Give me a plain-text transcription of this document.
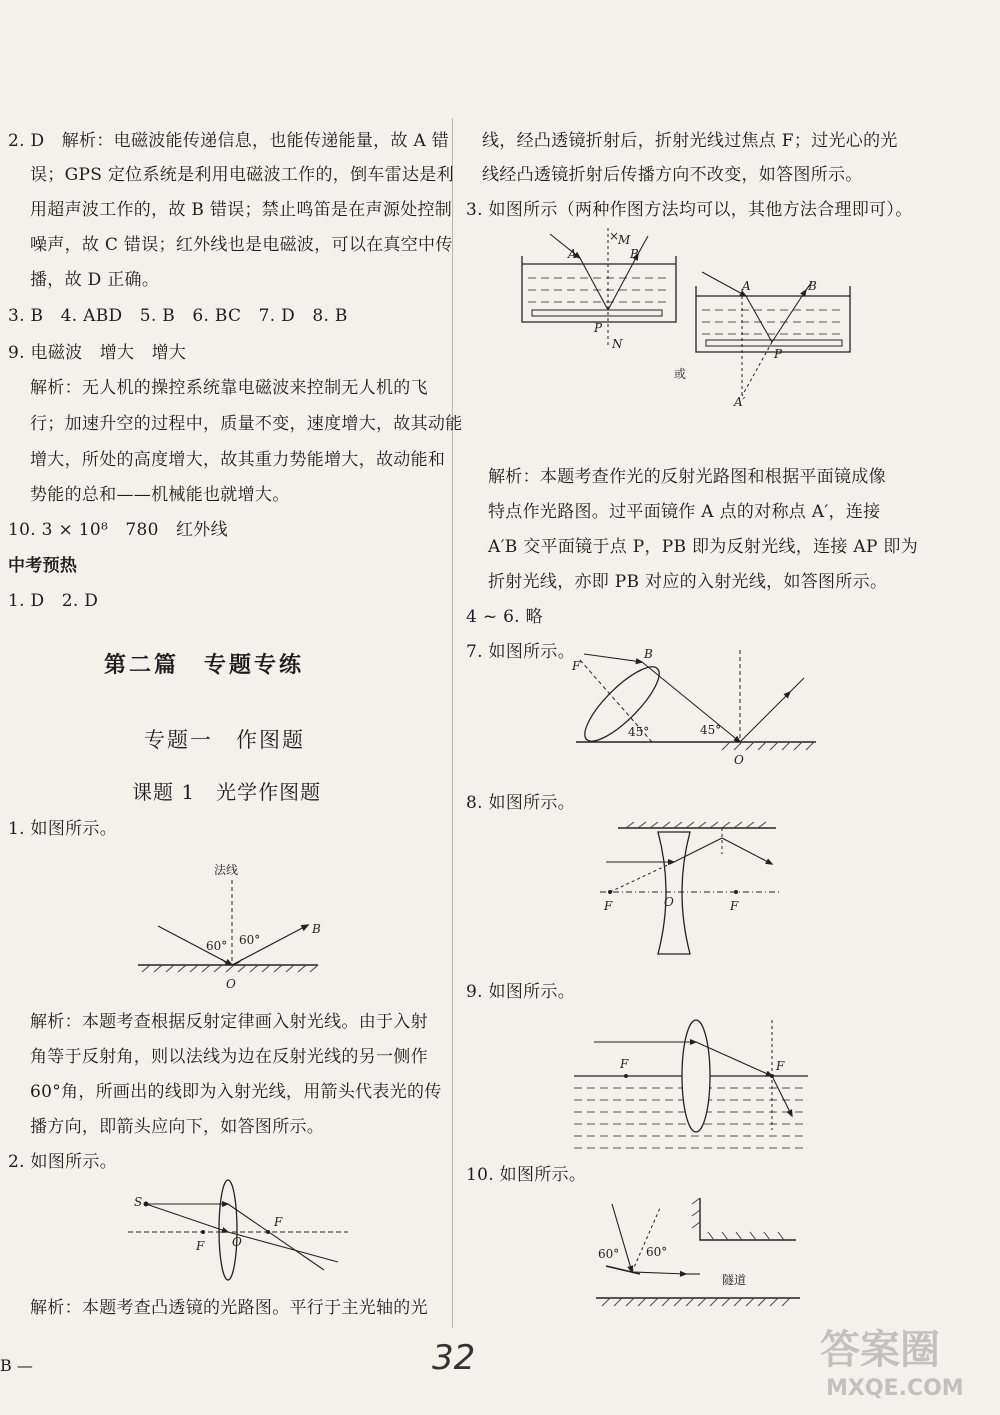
2. D　解析：电磁波能传递信息，也能传递能量，故 A 错
误；GPS 定位系统是利用电磁波工作的，倒车雷达是利
用超声波工作的，故 B 错误；禁止鸣笛是在声源处控制
噪声，故 C 错误；红外线也是电磁波，可以在真空中传
播，故 D 正确。
3. B　4. ABD　5. B　6. BC　7. D　8. B
9. 电磁波　增大　增大
解析：无人机的操控系统靠电磁波来控制无人机的飞
行；加速升空的过程中，质量不变，速度增大，故其动能
增大，所处的高度增大，故其重力势能增大，故动能和
势能的总和——机械能也就增大。
10. 3 × 10⁸　780　红外线
中考预热
1. D　2. D
第二篇　专题专练
专题一　作图题
课题 1　光学作图题
1. 如图所示。
法线
60° 60°
B
O
解析：本题考查根据反射定律画入射光线。由于入射
角等于反射角，则以法线为边在反射光线的另一侧作
60°角，所画出的线即为入射光线，用箭头代表光的传
播方向，即箭头应向下，如答图所示。
2. 如图所示。
S
F
F
O
解析：本题考查凸透镜的光路图。平行于主光轴的光
线，经凸透镜折射后，折射光线过焦点 F；过光心的光
线经凸透镜折射后传播方向不改变，如答图所示。
3. 如图所示（两种作图方法均可以，其他方法合理即可）。
×
M
A	B
P
N
或
A	B
P
A′
解析：本题考查作光的反射光路图和根据平面镜成像
特点作光路图。过平面镜作 A 点的对称点 A′，连接
A′B 交平面镜于点 P，PB 即为反射光线，连接 AP 即为
折射光线，亦即 PB 对应的入射光线，如答图所示。
4 ~ 6. 略
7. 如图所示。
F
B
45°	45°
O
8. 如图所示。
F	O	F
9. 如图所示。
F	F
10. 如图所示。
60° 60°
隧道
B —	32	答案圈
MXQE.COM
